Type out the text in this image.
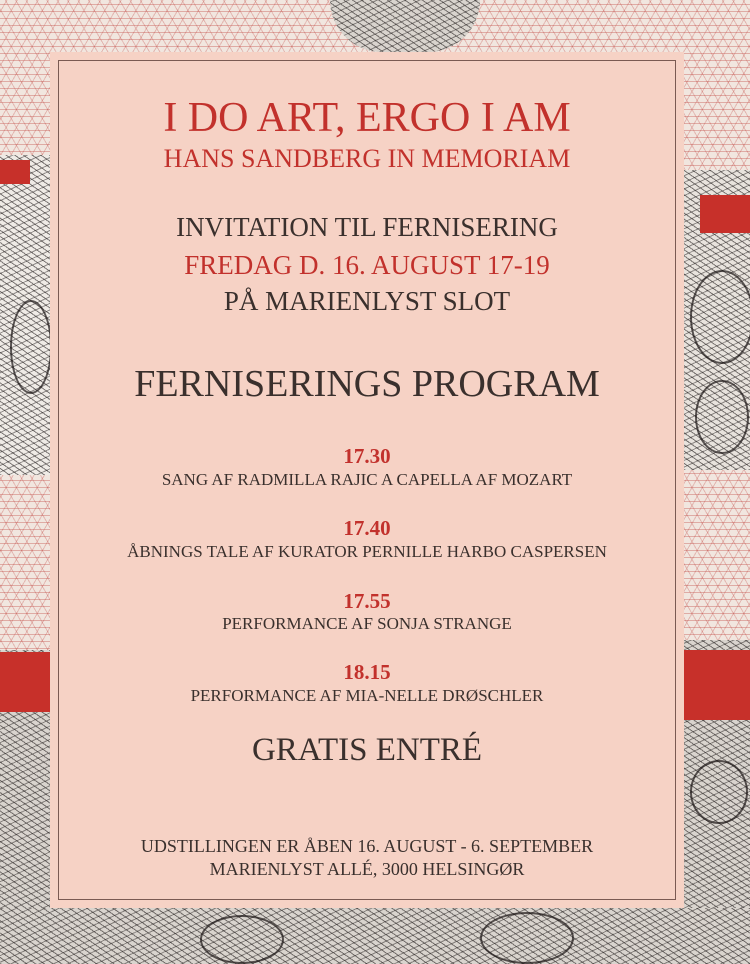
I DO ART, ERGO I AM
HANS SANDBERG IN MEMORIAM
INVITATION TIL FERNISERING
FREDAG D. 16. AUGUST 17-19
PÅ MARIENLYST SLOT
FERNISERINGS PROGRAM
17.30
SANG AF RADMILLA RAJIC A CAPELLA AF MOZART
17.40
ÅBNINGS TALE AF KURATOR PERNILLE HARBO CASPERSEN
17.55
PERFORMANCE AF SONJA STRANGE
18.15
PERFORMANCE AF MIA-NELLE DRØSCHLER
GRATIS ENTRÉ
UDSTILLINGEN ER ÅBEN 16. AUGUST - 6. SEPTEMBER
MARIENLYST ALLÉ, 3000 HELSINGØR
